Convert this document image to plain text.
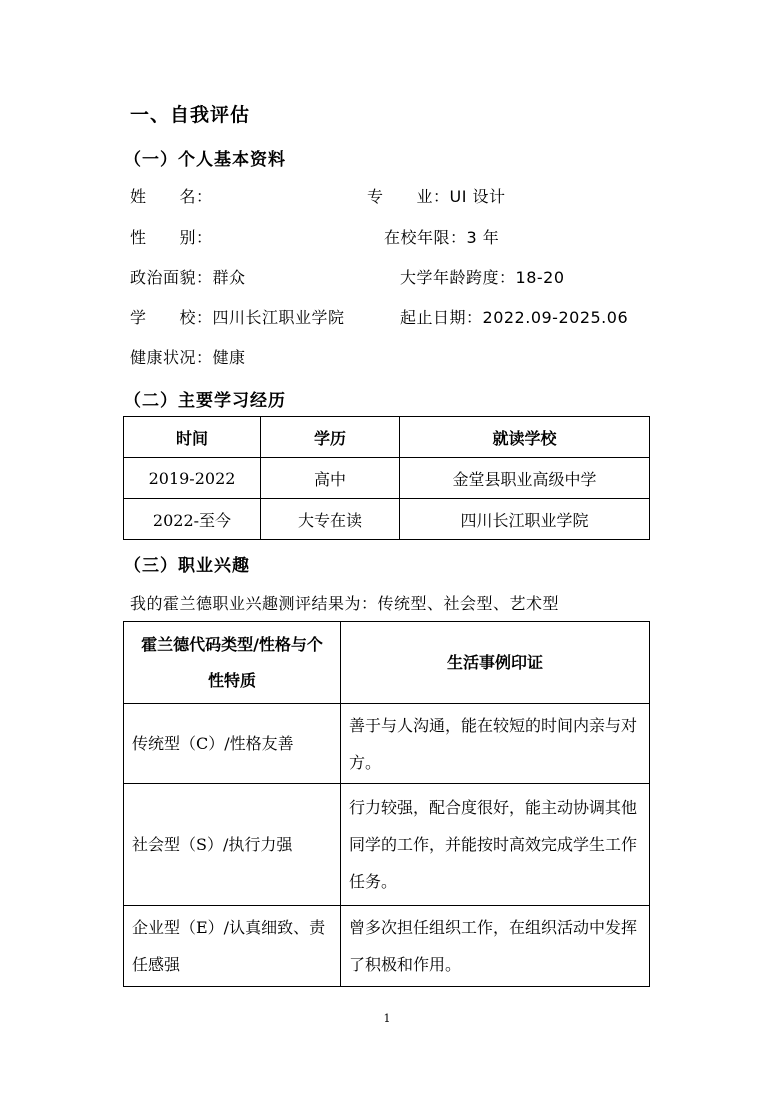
一、自我评估
（一）个人基本资料
姓　　名：	专　　业：UI 设计
性　　别：	在校年限：3 年
政治面貌：群众	大学年龄跨度：18-20
学　　校：四川长江职业学院	起止日期：2022.09-2025.06
健康状况：健康
（二）主要学习经历
时间	学历	就读学校
2019-2022	高中	金堂县职业高级中学
2022-至今	大专在读	四川长江职业学院
（三）职业兴趣
我的霍兰德职业兴趣测评结果为：传统型、社会型、艺术型
霍兰德代码类型/性格与个性特质	生活事例印证
传统型（C）/性格友善	善于与人沟通，能在较短的时间内亲与对方。
社会型（S）/执行力强	行力较强，配合度很好，能主动协调其他同学的工作，并能按时高效完成学生工作任务。
企业型（E）/认真细致、责任感强	曾多次担任组织工作，在组织活动中发挥了积极和作用。
1
